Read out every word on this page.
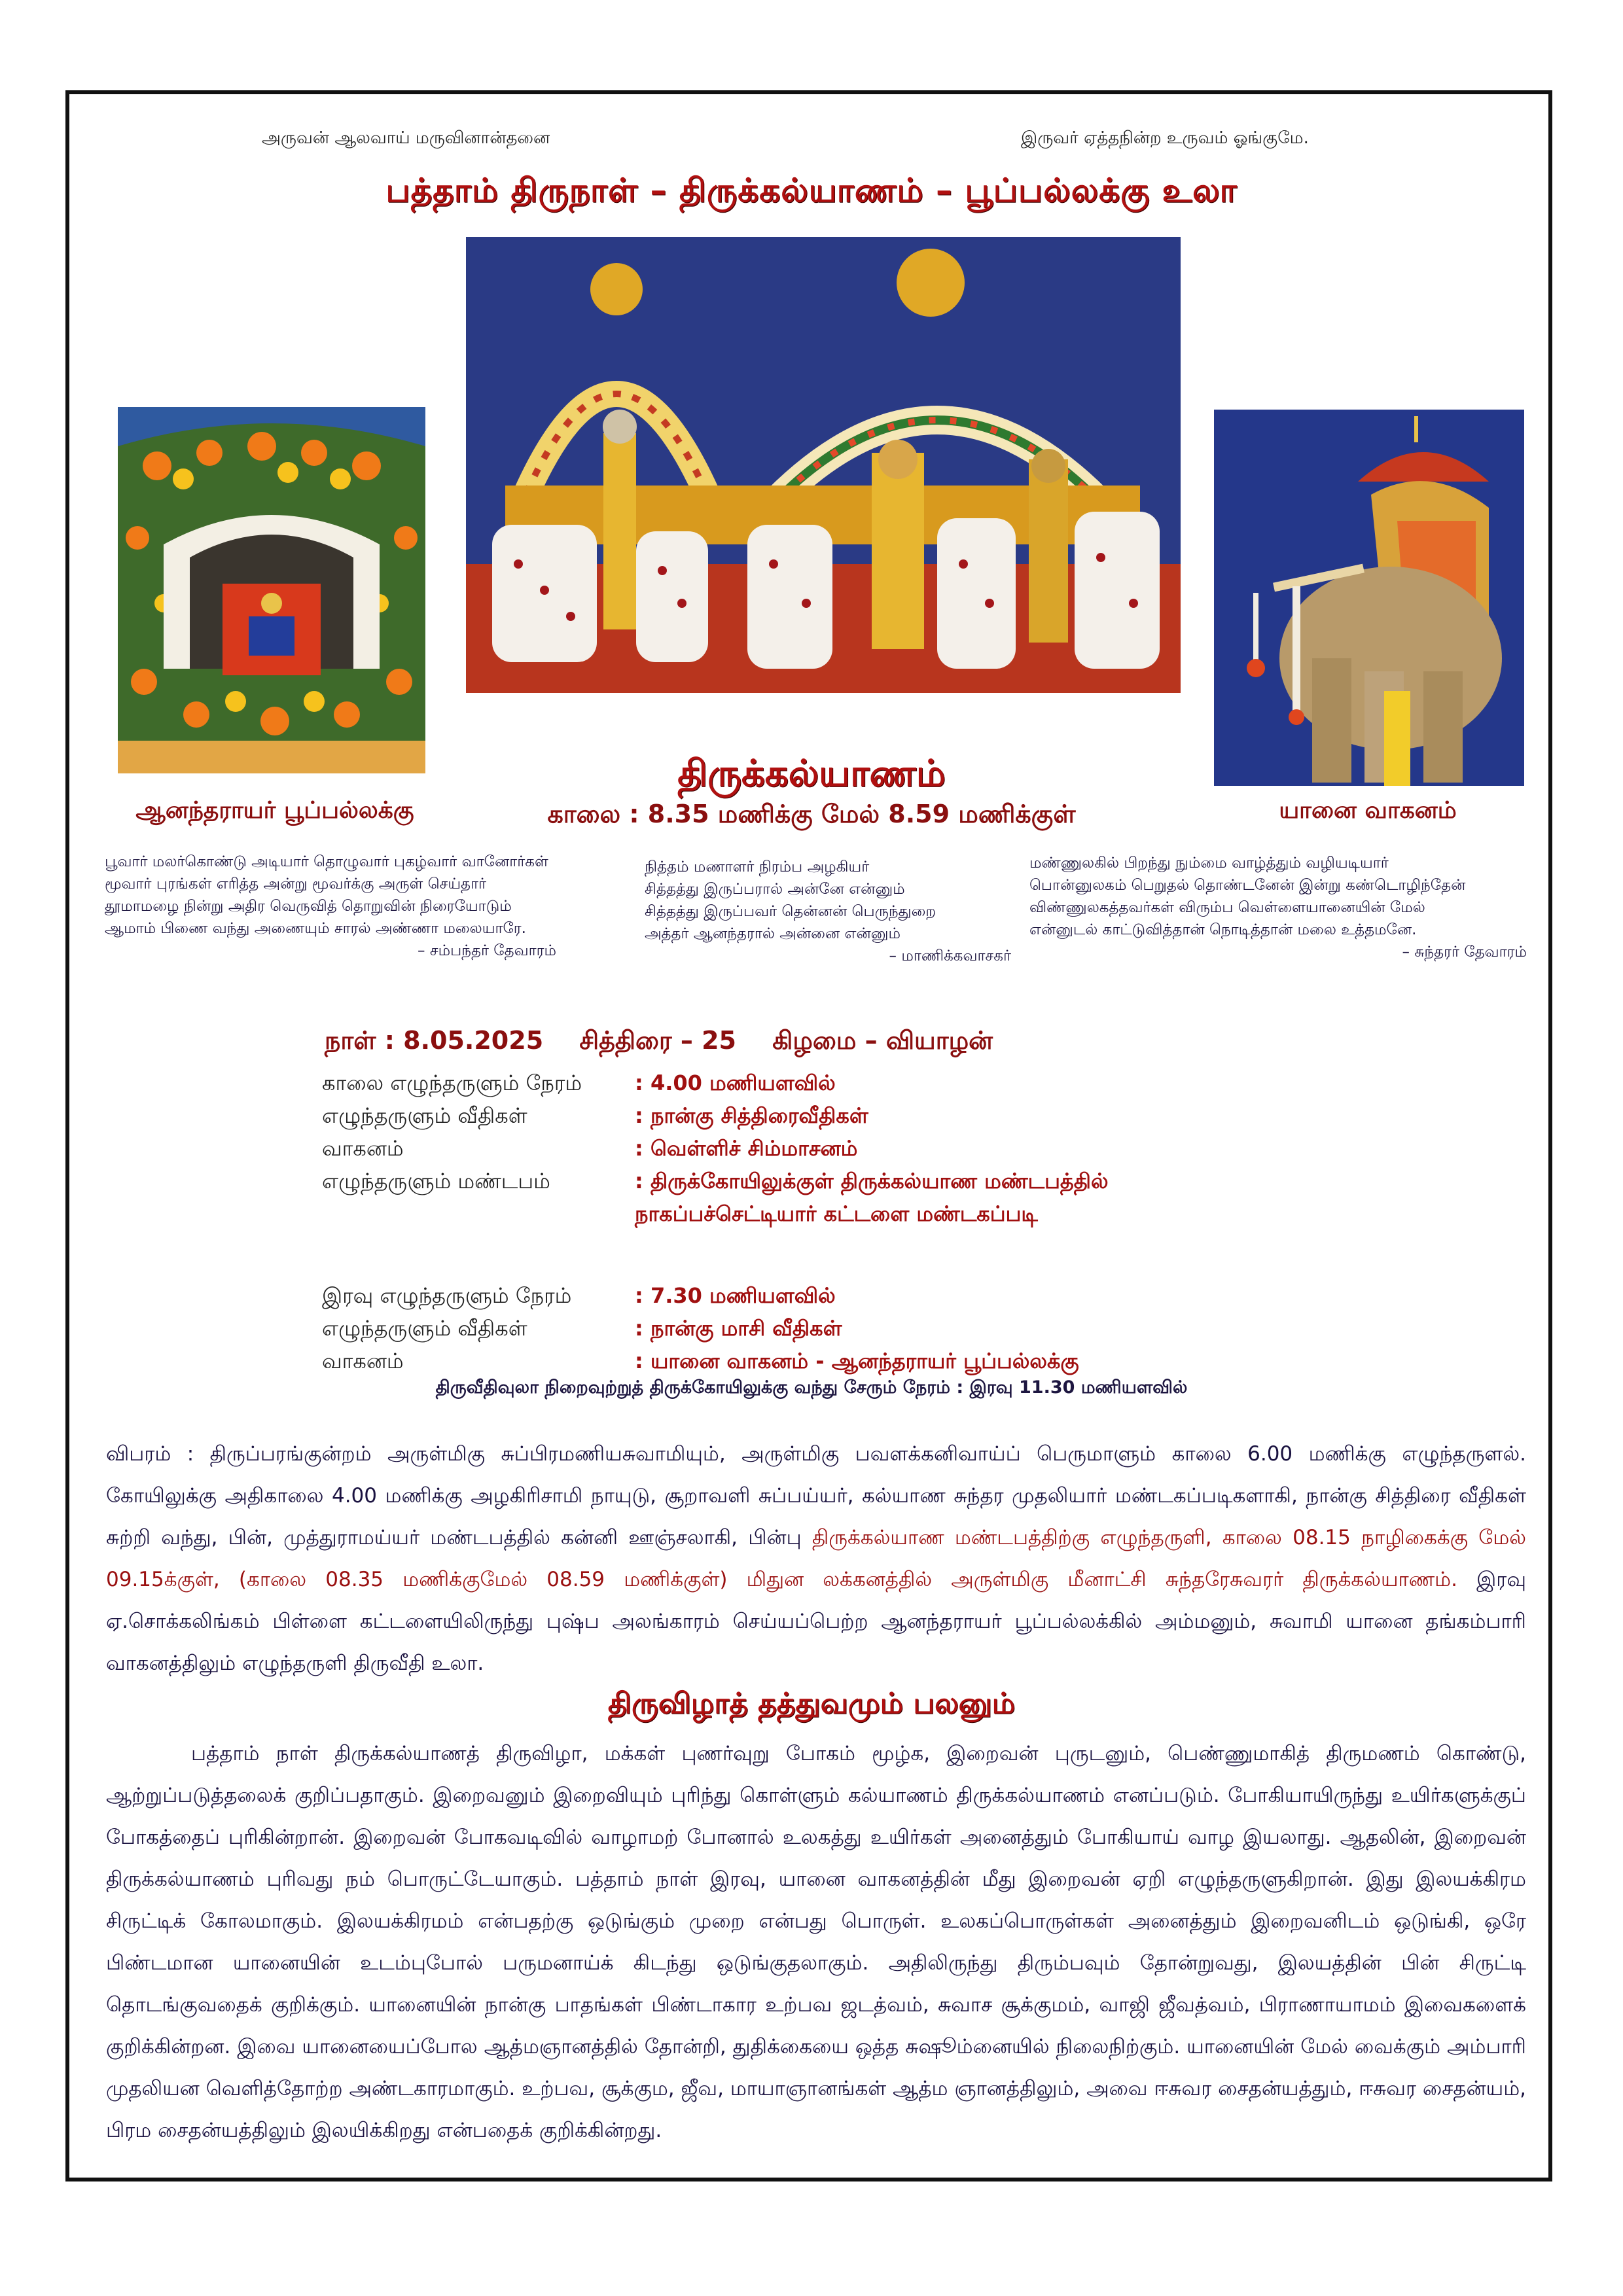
அருவன் ஆலவாய் மருவினான்தனை	இருவர் ஏத்தநின்ற உருவம் ஓங்குமே.
பத்தாம் திருநாள் – திருக்கல்யாணம் – பூப்பல்லக்கு உலா
ஆனந்தராயர் பூப்பல்லக்கு
திருக்கல்யாணம்
காலை : 8.35 மணிக்கு மேல் 8.59 மணிக்குள்	யானை வாகனம்
பூவார் மலர்கொண்டு அடியார் தொழுவார் புகழ்வார் வானோர்கள்
மூவார் புரங்கள் எரித்த அன்று மூவர்க்கு அருள் செய்தார்
தூமாமழை நின்று அதிர வெருவித் தொறுவின் நிரையோடும்
ஆமாம் பிணை வந்து அணையும் சாரல் அண்ணா மலையாரே.
– சம்பந்தர் தேவாரம்
நித்தம் மணாளர் நிரம்ப அழகியர்
சித்தத்து இருப்பரால் அன்னே என்னும்
சித்தத்து இருப்பவர் தென்னன் பெருந்துறை
அத்தர் ஆனந்தரால் அன்னை என்னும்
– மாணிக்கவாசகர்
மண்ணுலகில் பிறந்து நும்மை வாழ்த்தும் வழியடியார்
பொன்னுலகம் பெறுதல் தொண்டனேன் இன்று கண்டொழிந்தேன்
விண்ணுலகத்தவர்கள் விரும்ப வெள்ளையானையின் மேல்
என்னுடல் காட்டுவித்தான் நொடித்தான் மலை உத்தமனே.
– சுந்தரர் தேவாரம்
நாள் : 8.05.2025 சித்திரை – 25 கிழமை – வியாழன்
காலை எழுந்தருளும் நேரம்	: 4.00 மணியளவில்
எழுந்தருளும் வீதிகள்	: நான்கு சித்திரைவீதிகள்
வாகனம்	: வெள்ளிச் சிம்மாசனம்
எழுந்தருளும் மண்டபம்	: திருக்கோயிலுக்குள் திருக்கல்யாண மண்டபத்தில்
நாகப்பச்செட்டியார் கட்டளை மண்டகப்படி
இரவு எழுந்தருளும் நேரம்	: 7.30 மணியளவில்
எழுந்தருளும் வீதிகள்	: நான்கு மாசி வீதிகள்
வாகனம்	: யானை வாகனம் - ஆனந்தராயர் பூப்பல்லக்கு
திருவீதிவுலா நிறைவுற்றுத் திருக்கோயிலுக்கு வந்து சேரும் நேரம் : இரவு 11.30 மணியளவில்
விபரம் : திருப்பரங்குன்றம் அருள்மிகு சுப்பிரமணியசுவாமியும், அருள்மிகு பவளக்கனிவாய்ப் பெருமாளும் காலை 6.00 மணிக்கு எழுந்தருளல். கோயிலுக்கு அதிகாலை 4.00 மணிக்கு அழகிரிசாமி நாயுடு, சூறாவளி சுப்பய்யர், கல்யாண சுந்தர முதலியார் மண்டகப்படிகளாகி, நான்கு சித்திரை வீதிகள் சுற்றி வந்து, பின், முத்துராமய்யர் மண்டபத்தில் கன்னி ஊஞ்சலாகி, பின்பு திருக்கல்யாண மண்டபத்திற்கு எழுந்தருளி, காலை 08.15 நாழிகைக்கு மேல் 09.15க்குள், (காலை 08.35 மணிக்குமேல் 08.59 மணிக்குள்) மிதுன லக்கனத்தில் அருள்மிகு மீனாட்சி சுந்தரேசுவரர் திருக்கல்யாணம். இரவு ஏ.சொக்கலிங்கம் பிள்ளை கட்டளையிலிருந்து புஷ்ப அலங்காரம் செய்யப்பெற்ற ஆனந்தராயர் பூப்பல்லக்கில் அம்மனும், சுவாமி யானை தங்கம்பாரி வாகனத்திலும் எழுந்தருளி திருவீதி உலா.
திருவிழாத் தத்துவமும் பலனும்
பத்தாம் நாள் திருக்கல்யாணத் திருவிழா, மக்கள் புணர்வுறு போகம் மூழ்க, இறைவன் புருடனும், பெண்ணுமாகித் திருமணம் கொண்டு, ஆற்றுப்படுத்தலைக் குறிப்பதாகும். இறைவனும் இறைவியும் புரிந்து கொள்ளும் கல்யாணம் திருக்கல்யாணம் எனப்படும். போகியாயிருந்து உயிர்களுக்குப் போகத்தைப் புரிகின்றான். இறைவன் போகவடிவில் வாழாமற் போனால் உலகத்து உயிர்கள் அனைத்தும் போகியாய் வாழ இயலாது. ஆதலின், இறைவன் திருக்கல்யாணம் புரிவது நம் பொருட்டேயாகும். பத்தாம் நாள் இரவு, யானை வாகனத்தின் மீது இறைவன் ஏறி எழுந்தருளுகிறான். இது இலயக்கிரம சிருட்டிக் கோலமாகும். இலயக்கிரமம் என்பதற்கு ஒடுங்கும் முறை என்பது பொருள். உலகப்பொருள்கள் அனைத்தும் இறைவனிடம் ஒடுங்கி, ஒரே பிண்டமான யானையின் உடம்புபோல் பருமனாய்க் கிடந்து ஒடுங்குதலாகும். அதிலிருந்து திரும்பவும் தோன்றுவது, இலயத்தின் பின் சிருட்டி தொடங்குவதைக் குறிக்கும். யானையின் நான்கு பாதங்கள் பிண்டாகார உற்பவ ஜடத்வம், சுவாச சூக்குமம், வாஜி ஜீவத்வம், பிராணாயாமம் இவைகளைக் குறிக்கின்றன. இவை யானையைப்போல ஆத்மஞானத்தில் தோன்றி, துதிக்கையை ஒத்த சுஷூம்னையில் நிலைநிற்கும். யானையின் மேல் வைக்கும் அம்பாரி முதலியன வெளித்தோற்ற அண்டகாரமாகும். உற்பவ, சூக்கும, ஜீவ, மாயாஞானங்கள் ஆத்ம ஞானத்திலும், அவை ஈசுவர சைதன்யத்தும், ஈசுவர சைதன்யம், பிரம சைதன்யத்திலும் இலயிக்கிறது என்பதைக் குறிக்கின்றது.
